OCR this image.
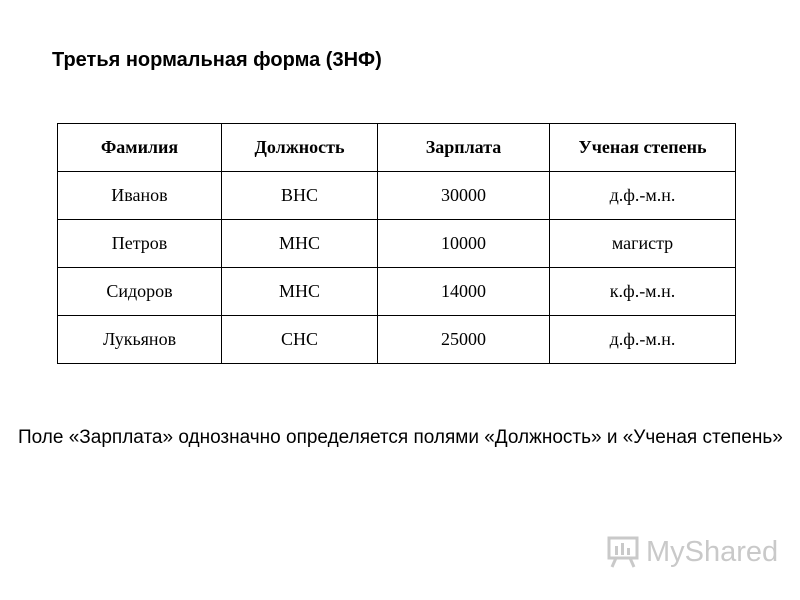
Третья нормальная форма (3НФ)
Фамилия	Должность	Зарплата	Ученая степень
Иванов	ВНС	30000	д.ф.-м.н.
Петров	МНС	10000	магистр
Сидоров	МНС	14000	к.ф.-м.н.
Лукьянов	СНС	25000	д.ф.-м.н.
Поле «Зарплата» однозначно определяется полями «Должность» и «Ученая степень»
MyShared
